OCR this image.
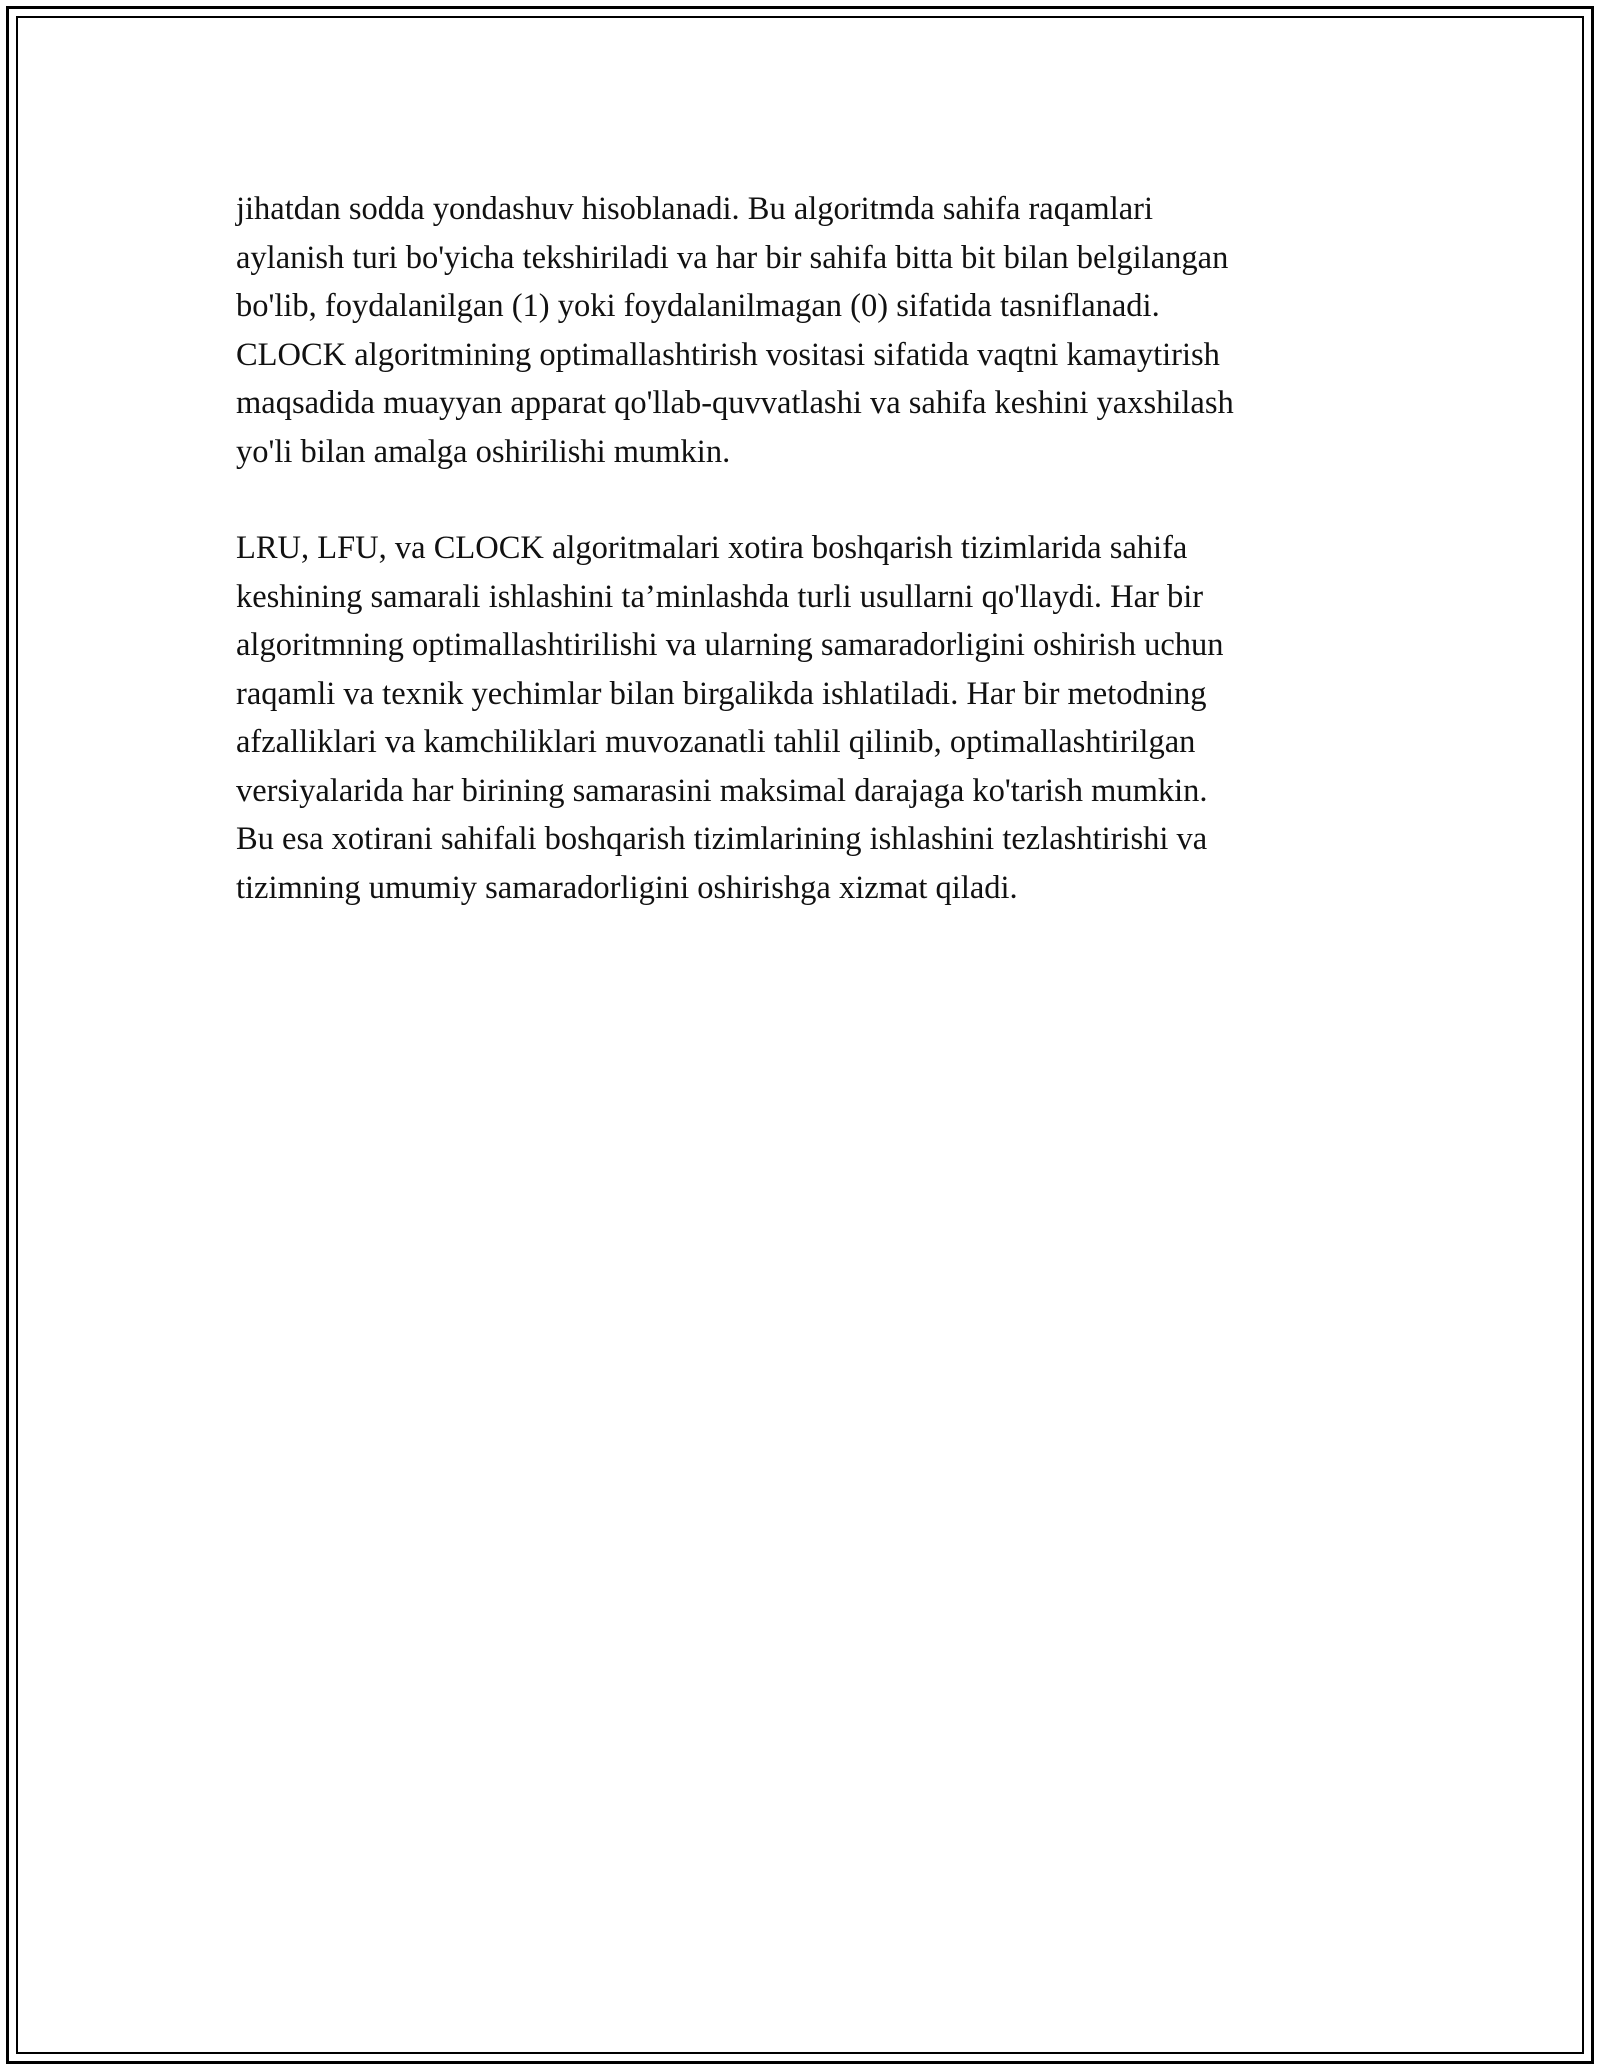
jihatdan sodda yondashuv hisoblanadi. Bu algoritmda sahifa raqamlari
aylanish turi bo'yicha tekshiriladi va har bir sahifa bitta bit bilan belgilangan
bo'lib, foydalanilgan (1) yoki foydalanilmagan (0) sifatida tasniflanadi.
CLOCK algoritmining optimallashtirish vositasi sifatida vaqtni kamaytirish
maqsadida muayyan apparat qo'llab-quvvatlashi va sahifa keshini yaxshilash
yo'li bilan amalga oshirilishi mumkin.

LRU, LFU, va CLOCK algoritmalari xotira boshqarish tizimlarida sahifa
keshining samarali ishlashini ta’minlashda turli usullarni qo'llaydi. Har bir
algoritmning optimallashtirilishi va ularning samaradorligini oshirish uchun
raqamli va texnik yechimlar bilan birgalikda ishlatiladi. Har bir metodning
afzalliklari va kamchiliklari muvozanatli tahlil qilinib, optimallashtirilgan
versiyalarida har birining samarasini maksimal darajaga ko'tarish mumkin.
Bu esa xotirani sahifali boshqarish tizimlarining ishlashini tezlashtirishi va
tizimning umumiy samaradorligini oshirishga xizmat qiladi.
